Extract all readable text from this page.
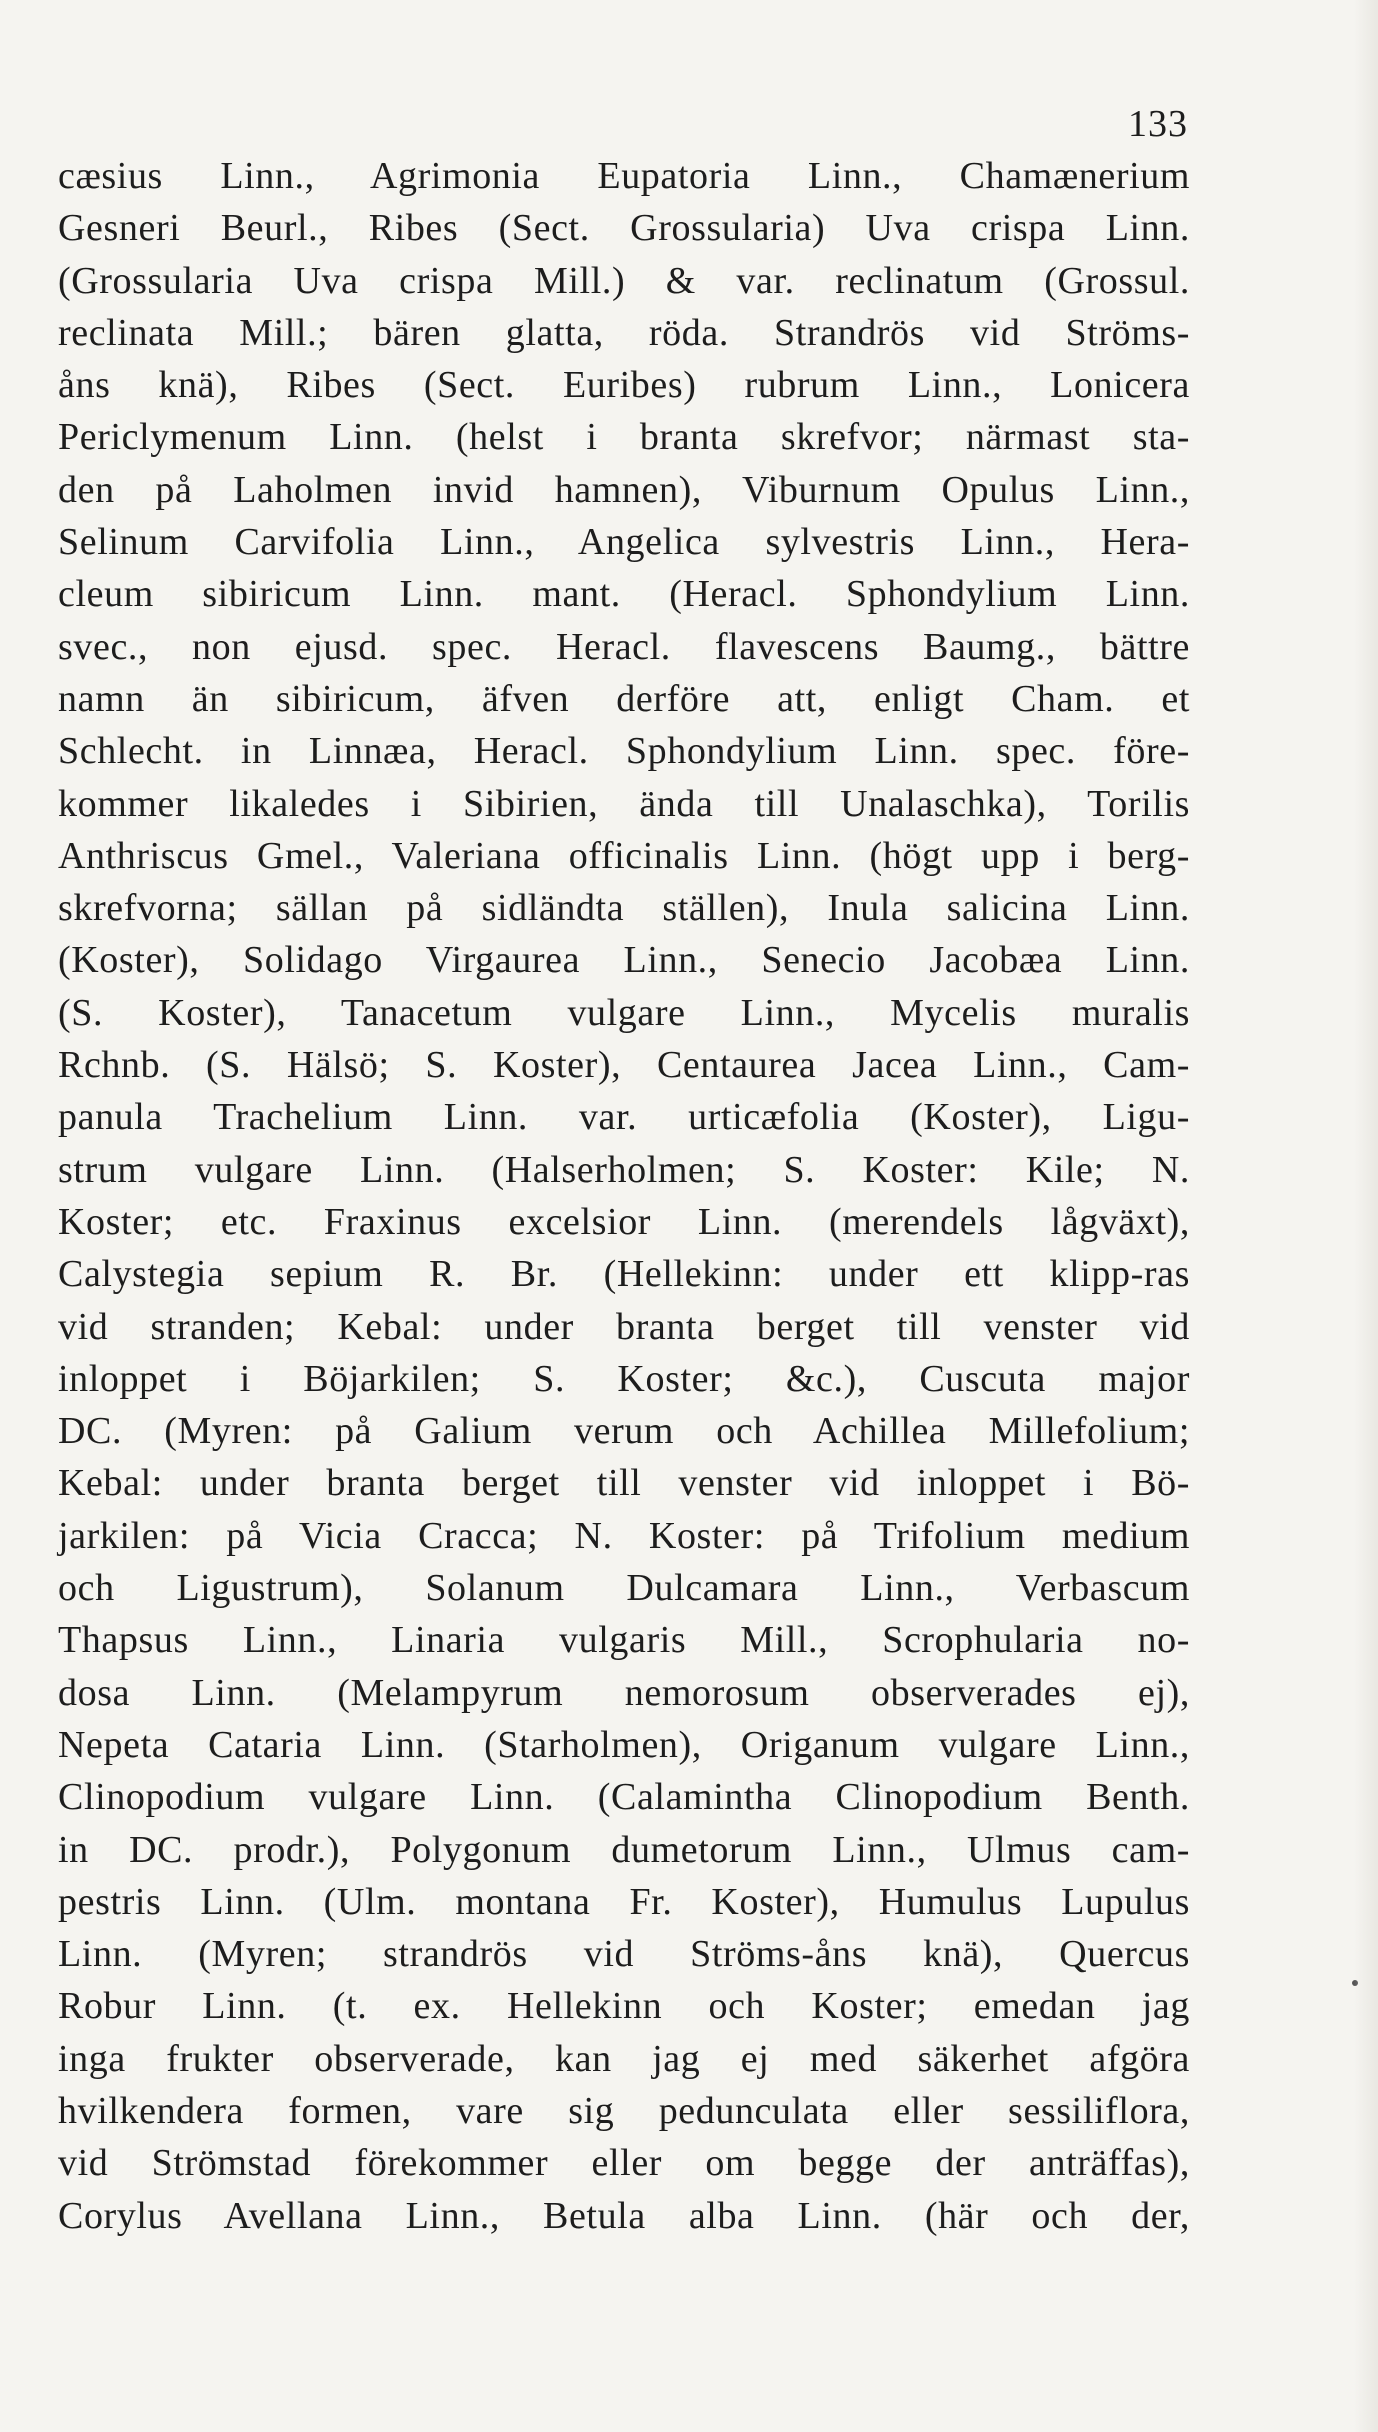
133
cæsius Linn., Agrimonia Eupatoria Linn., Chamænerium
Gesneri Beurl., Ribes (Sect. Grossularia) Uva crispa Linn.
(Grossularia Uva crispa Mill.) & var. reclinatum (Grossul.
reclinata Mill.; bären glatta, röda. Strandrös vid Ströms-
åns knä), Ribes (Sect. Euribes) rubrum Linn., Lonicera
Periclymenum Linn. (helst i branta skrefvor; närmast sta-
den på Laholmen invid hamnen), Viburnum Opulus Linn.,
Selinum Carvifolia Linn., Angelica sylvestris Linn., Hera-
cleum sibiricum Linn. mant. (Heracl. Sphondylium Linn.
svec., non ejusd. spec. Heracl. flavescens Baumg., bättre
namn än sibiricum, äfven derföre att, enligt Cham. et
Schlecht. in Linnæa, Heracl. Sphondylium Linn. spec. före-
kommer likaledes i Sibirien, ända till Unalaschka), Torilis
Anthriscus Gmel., Valeriana officinalis Linn. (högt upp i berg-
skrefvorna; sällan på sidländta ställen), Inula salicina Linn.
(Koster), Solidago Virgaurea Linn., Senecio Jacobæa Linn.
(S. Koster), Tanacetum vulgare Linn., Mycelis muralis
Rchnb. (S. Hälsö; S. Koster), Centaurea Jacea Linn., Cam-
panula Trachelium Linn. var. urticæfolia (Koster), Ligu-
strum vulgare Linn. (Halserholmen; S. Koster: Kile; N.
Koster; etc. Fraxinus excelsior Linn. (merendels lågväxt),
Calystegia sepium R. Br. (Hellekinn: under ett klipp-ras
vid stranden; Kebal: under branta berget till venster vid
inloppet i Böjarkilen; S. Koster; &c.), Cuscuta major
DC. (Myren: på Galium verum och Achillea Millefolium;
Kebal: under branta berget till venster vid inloppet i Bö-
jarkilen: på Vicia Cracca; N. Koster: på Trifolium medium
och Ligustrum), Solanum Dulcamara Linn., Verbascum
Thapsus Linn., Linaria vulgaris Mill., Scrophularia no-
dosa Linn. (Melampyrum nemorosum observerades ej),
Nepeta Cataria Linn. (Starholmen), Origanum vulgare Linn.,
Clinopodium vulgare Linn. (Calamintha Clinopodium Benth.
in DC. prodr.), Polygonum dumetorum Linn., Ulmus cam-
pestris Linn. (Ulm. montana Fr. Koster), Humulus Lupulus
Linn. (Myren; strandrös vid Ströms-åns knä), Quercus
Robur Linn. (t. ex. Hellekinn och Koster; emedan jag
inga frukter observerade, kan jag ej med säkerhet afgöra
hvilkendera formen, vare sig pedunculata eller sessiliflora,
vid Strömstad förekommer eller om begge der anträffas),
Corylus Avellana Linn., Betula alba Linn. (här och der,
